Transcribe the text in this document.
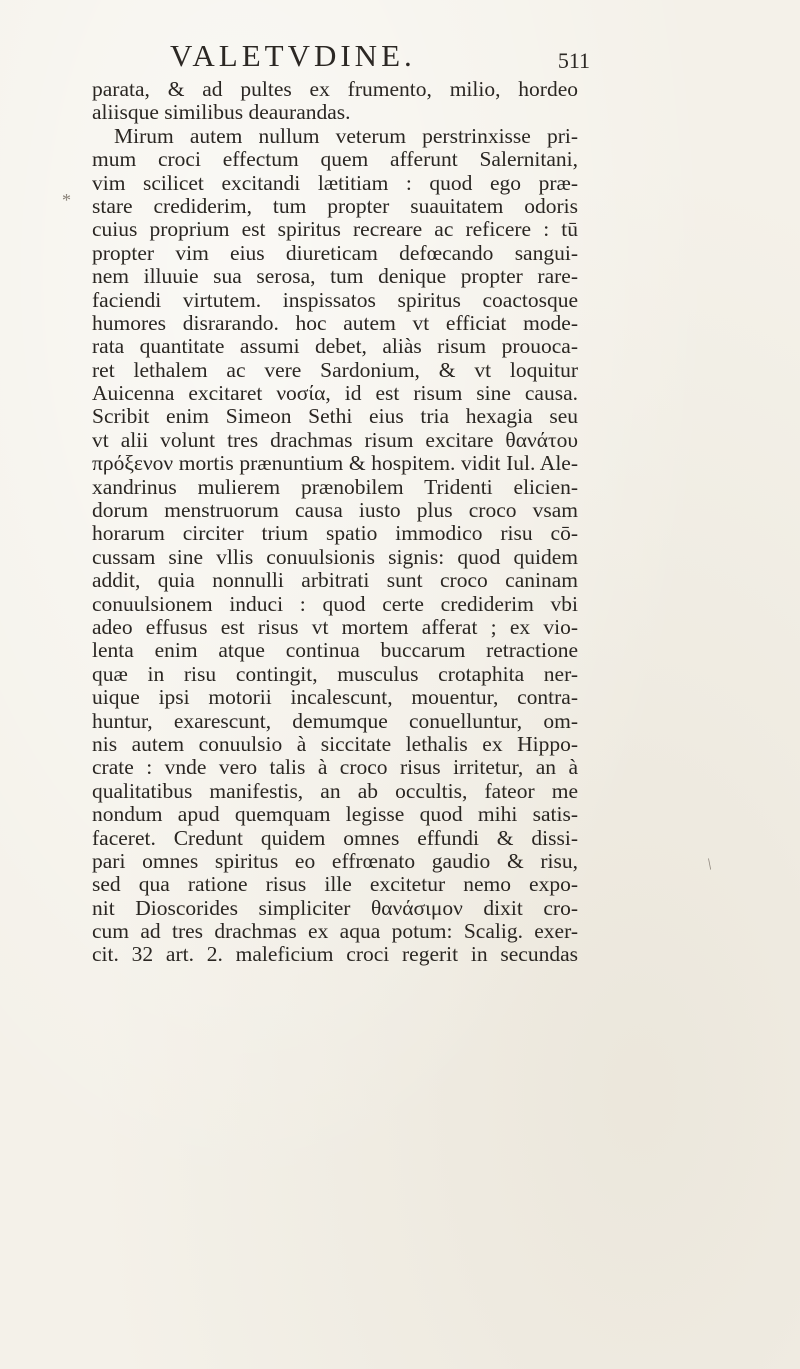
VALETVDINE.	511
*
/
parata, & ad pultes ex frumento, milio, hordeo
aliisque similibus deaurandas.
Mirum autem nullum veterum perstrinxisse pri-
mum croci effectum quem afferunt Salernitani,
vim scilicet excitandi lætitiam : quod ego præ-
stare crediderim, tum propter suauitatem odoris
cuius proprium est spiritus recreare ac reficere : tū
propter vim eius diureticam defœcando sangui-
nem illuuie sua serosa, tum denique propter rare-
faciendi virtutem. inspissatos spiritus coactosque
humores disrarando. hoc autem vt efficiat mode-
rata quantitate assumi debet, aliàs risum prouoca-
ret lethalem ac vere Sardonium, & vt loquitur
Auicenna excitaret νοσία, id est risum sine causa.
Scribit enim Simeon Sethi eius tria hexagia seu
vt alii volunt tres drachmas risum excitare θανάτου
πρόξενον mortis prænuntium & hospitem. vidit Iul. Ale-
xandrinus mulierem prænobilem Tridenti elicien-
dorum menstruorum causa iusto plus croco vsam
horarum circiter trium spatio immodico risu cō-
cussam sine vllis conuulsionis signis: quod quidem
addit, quia nonnulli arbitrati sunt croco caninam
conuulsionem induci : quod certe crediderim vbi
adeo effusus est risus vt mortem afferat ; ex vio-
lenta enim atque continua buccarum retractione
quæ in risu contingit, musculus crotaphita ner-
uique ipsi motorii incalescunt, mouentur, contra-
huntur, exarescunt, demumque conuelluntur, om-
nis autem conuulsio à siccitate lethalis ex Hippo-
crate : vnde vero talis à croco risus irritetur, an à
qualitatibus manifestis, an ab occultis, fateor me
nondum apud quemquam legisse quod mihi satis-
faceret. Credunt quidem omnes effundi & dissi-
pari omnes spiritus eo effrœnato gaudio & risu,
sed qua ratione risus ille excitetur nemo expo-
nit Dioscorides simpliciter θανάσιμον dixit cro-
cum ad tres drachmas ex aqua potum: Scalig. exer-
cit. 32 art. 2. maleficium croci regerit in secundas
